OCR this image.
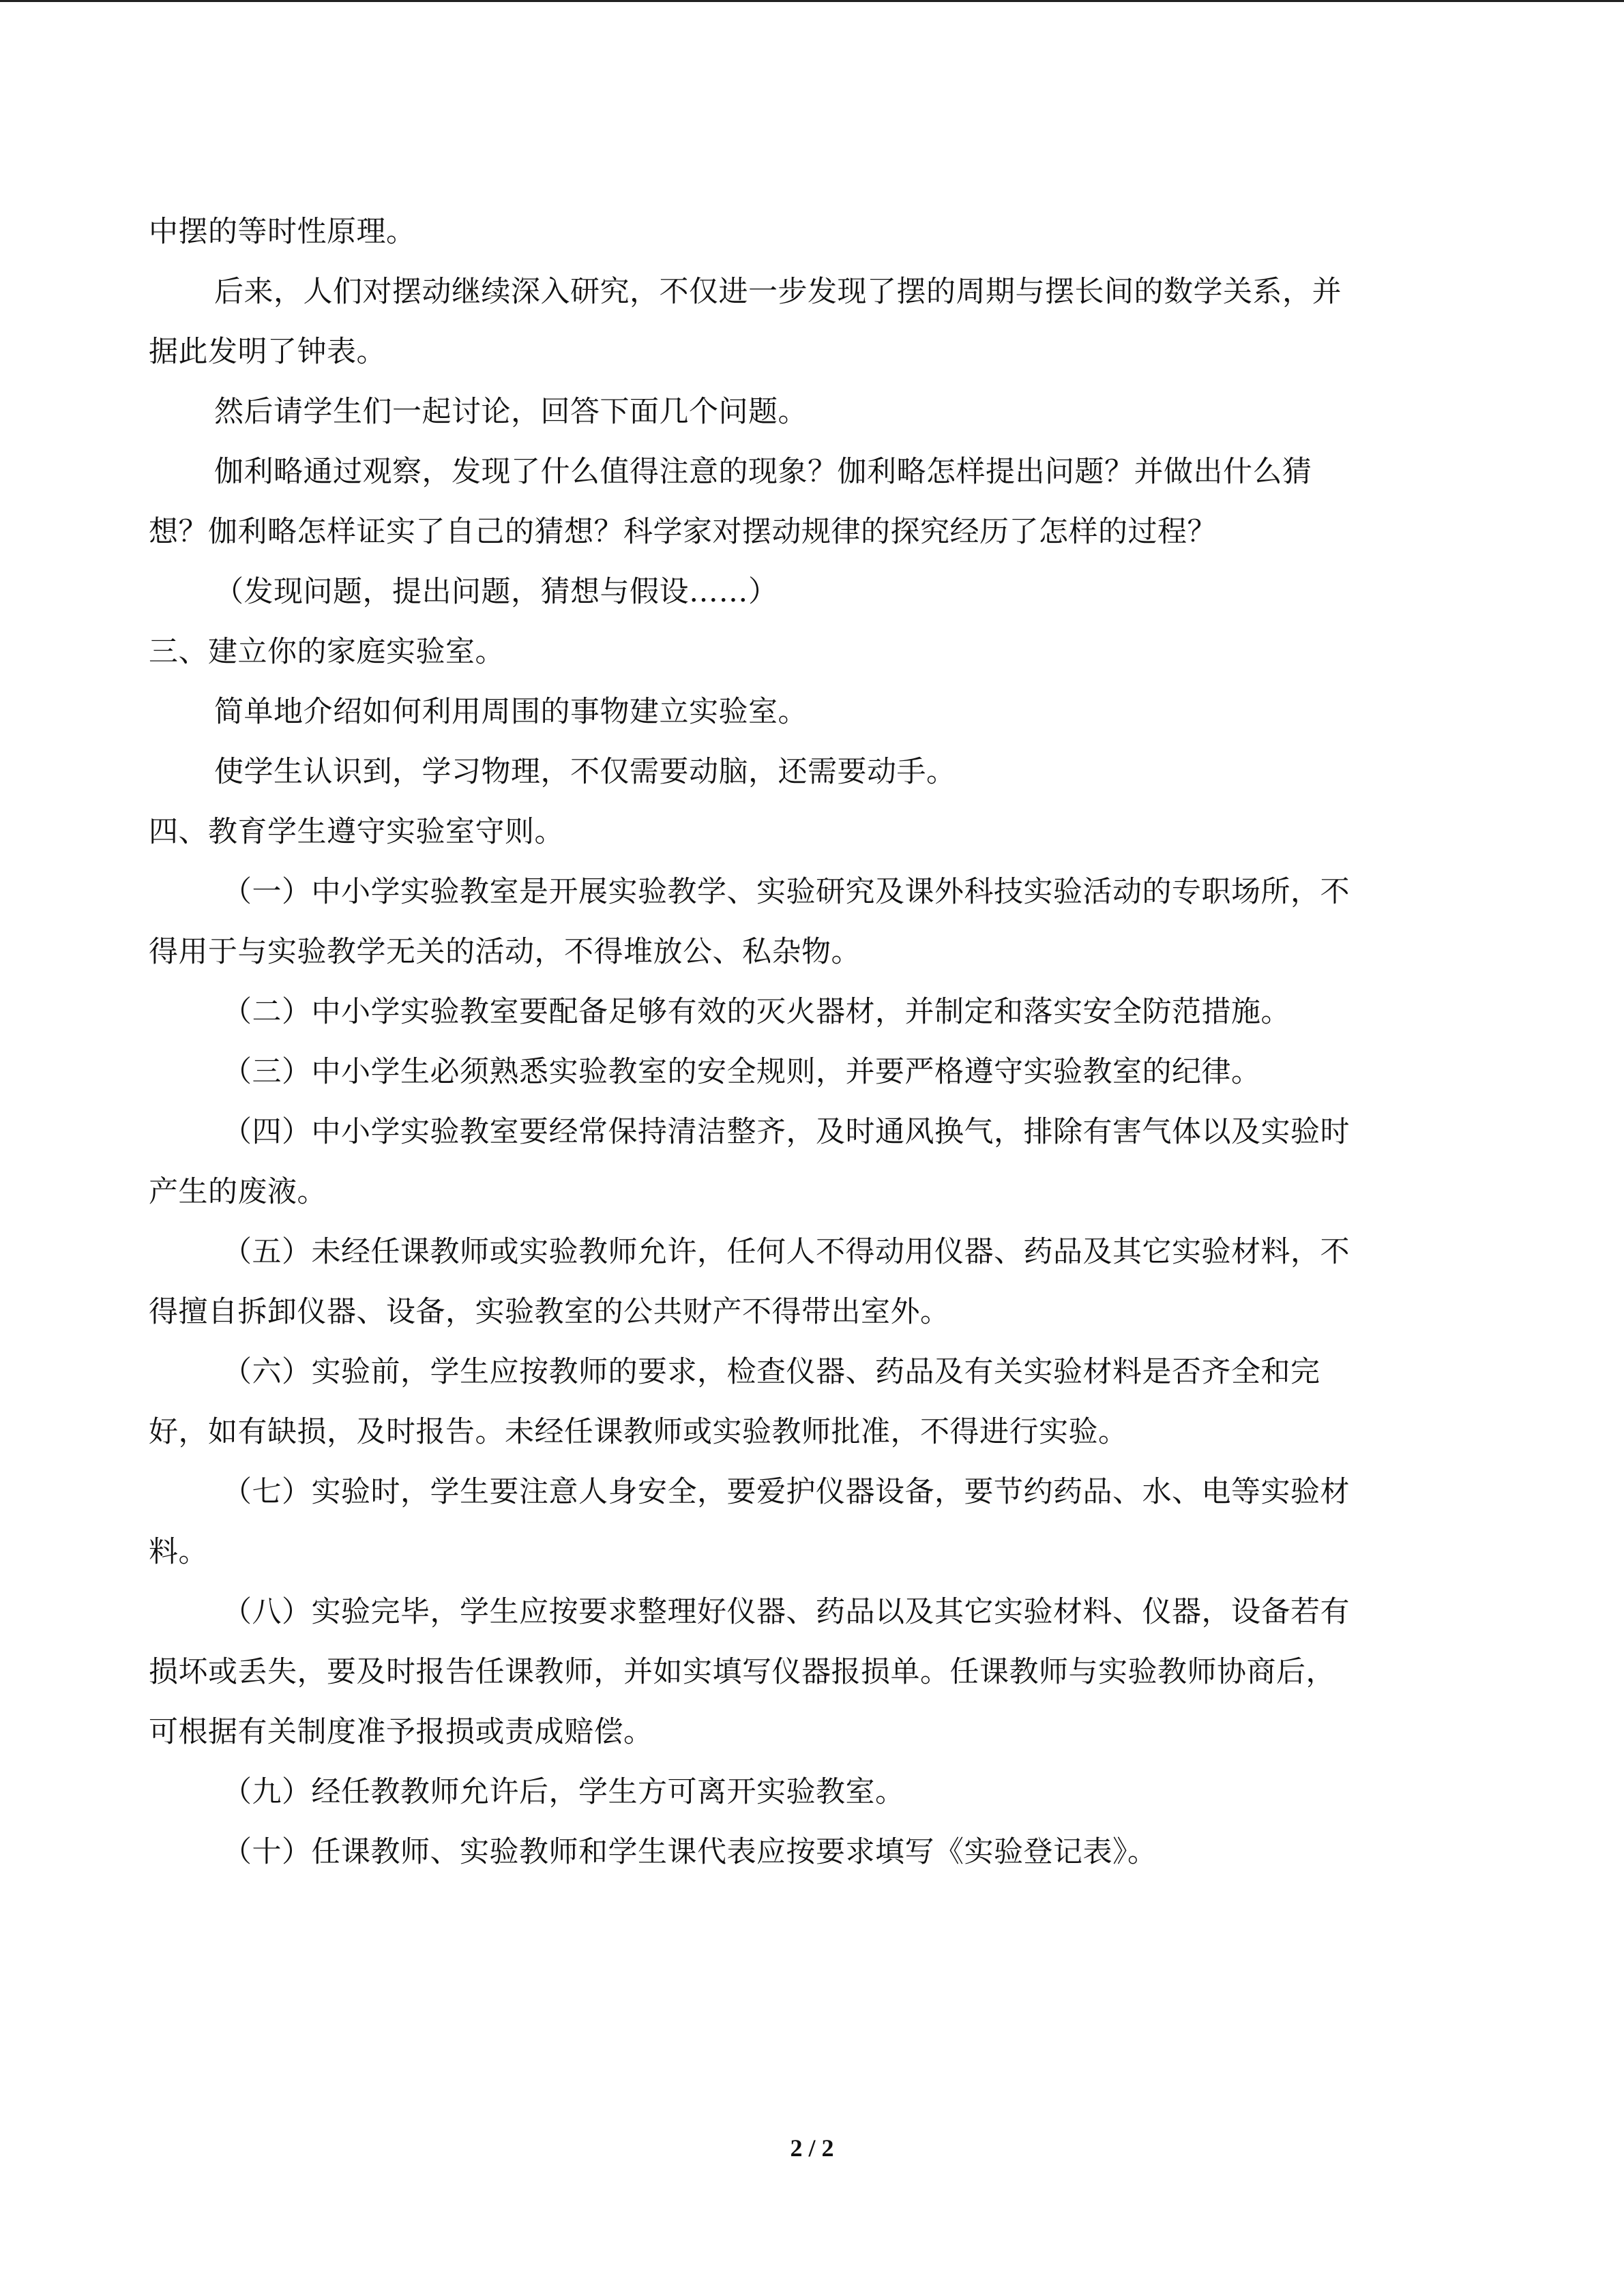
中摆的等时性原理。
后来，人们对摆动继续深入研究，不仅进一步发现了摆的周期与摆长间的数学关系，并
据此发明了钟表。
然后请学生们一起讨论，回答下面几个问题。
伽利略通过观察，发现了什么值得注意的现象？伽利略怎样提出问题？并做出什么猜
想？伽利略怎样证实了自己的猜想？科学家对摆动规律的探究经历了怎样的过程？
（发现问题，提出问题，猜想与假设……）
三、建立你的家庭实验室。
简单地介绍如何利用周围的事物建立实验室。
使学生认识到，学习物理，不仅需要动脑，还需要动手。
四、教育学生遵守实验室守则。
（一）中小学实验教室是开展实验教学、实验研究及课外科技实验活动的专职场所，不
得用于与实验教学无关的活动，不得堆放公、私杂物。
（二）中小学实验教室要配备足够有效的灭火器材，并制定和落实安全防范措施。
（三）中小学生必须熟悉实验教室的安全规则，并要严格遵守实验教室的纪律。
（四）中小学实验教室要经常保持清洁整齐，及时通风换气，排除有害气体以及实验时
产生的废液。
（五）未经任课教师或实验教师允许，任何人不得动用仪器、药品及其它实验材料，不
得擅自拆卸仪器、设备，实验教室的公共财产不得带出室外。
（六）实验前，学生应按教师的要求，检查仪器、药品及有关实验材料是否齐全和完
好，如有缺损，及时报告。未经任课教师或实验教师批准，不得进行实验。
（七）实验时，学生要注意人身安全，要爱护仪器设备，要节约药品、水、电等实验材
料。
（八）实验完毕，学生应按要求整理好仪器、药品以及其它实验材料、仪器，设备若有
损坏或丢失，要及时报告任课教师，并如实填写仪器报损单。任课教师与实验教师协商后，
可根据有关制度准予报损或责成赔偿。
（九）经任教教师允许后，学生方可离开实验教室。
（十）任课教师、实验教师和学生课代表应按要求填写《实验登记表》。
2 / 2
